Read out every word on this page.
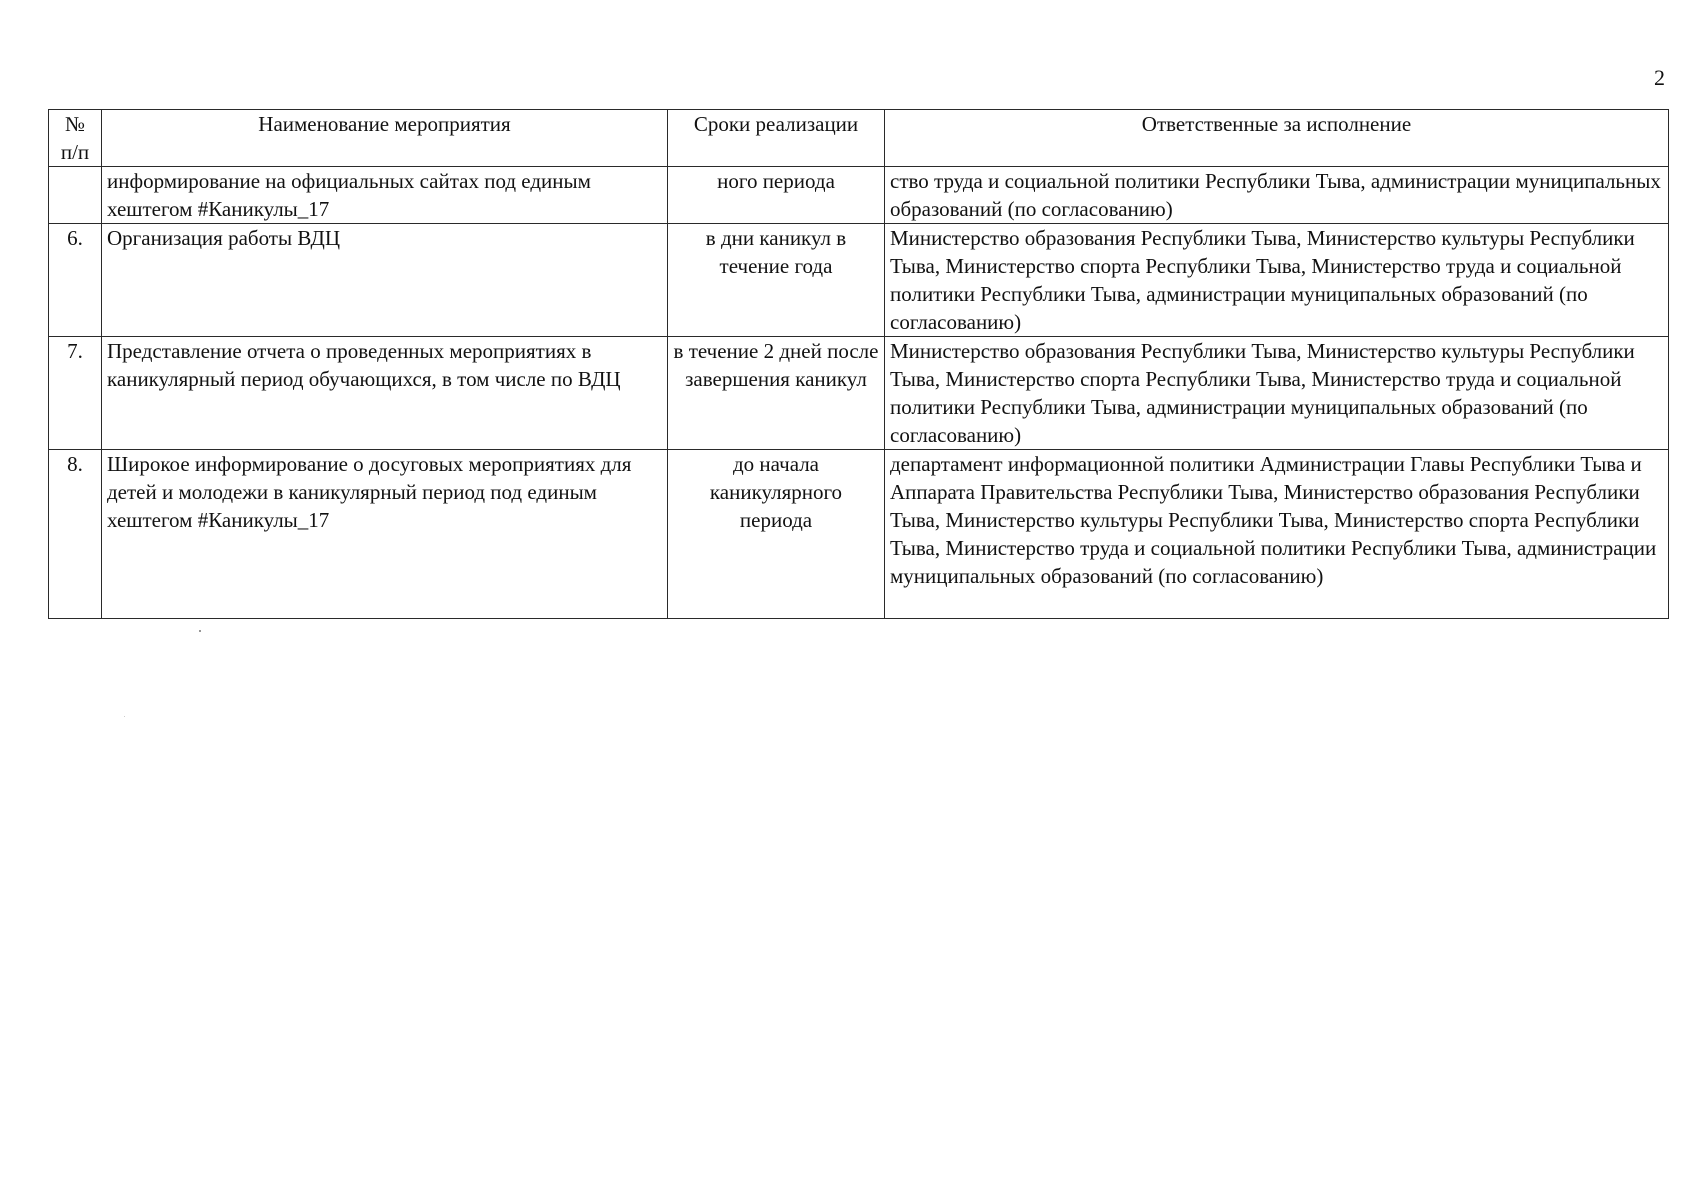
2
№ п/п	Наименование мероприятия	Сроки реализации	Ответственные за исполнение
	информирование на официальных сайтах под единым хештегом #Каникулы_17	ного периода	ство труда и социальной политики Республики Тыва, администрации муниципальных образований (по согласованию)
6.	Организация работы ВДЦ	в дни каникул в течение года	Министерство образования Республики Тыва, Министерство культуры Республики Тыва, Министерство спорта Республики Тыва, Министерство труда и социальной политики Республики Тыва, администрации муниципальных образований (по согласованию)
7.	Представление отчета о проведенных мероприятиях в каникулярный период обучающихся, в том числе по ВДЦ	в течение 2 дней после завершения каникул	Министерство образования Республики Тыва, Министерство культуры Республики Тыва, Министерство спорта Республики Тыва, Министерство труда и социальной политики Республики Тыва, администрации муниципальных образований (по согласованию)
8.	Широкое информирование о досуговых мероприятиях для детей и молодежи в каникулярный период под единым хештегом #Каникулы_17	до начала каникулярного периода	департамент информационной политики Администрации Главы Республики Тыва и Аппарата Правительства Республики Тыва, Министерство образования Республики Тыва, Министерство культуры Республики Тыва, Министерство спорта Республики Тыва, Министерство труда и социальной политики Республики Тыва, администрации муниципальных образований (по согласованию)
